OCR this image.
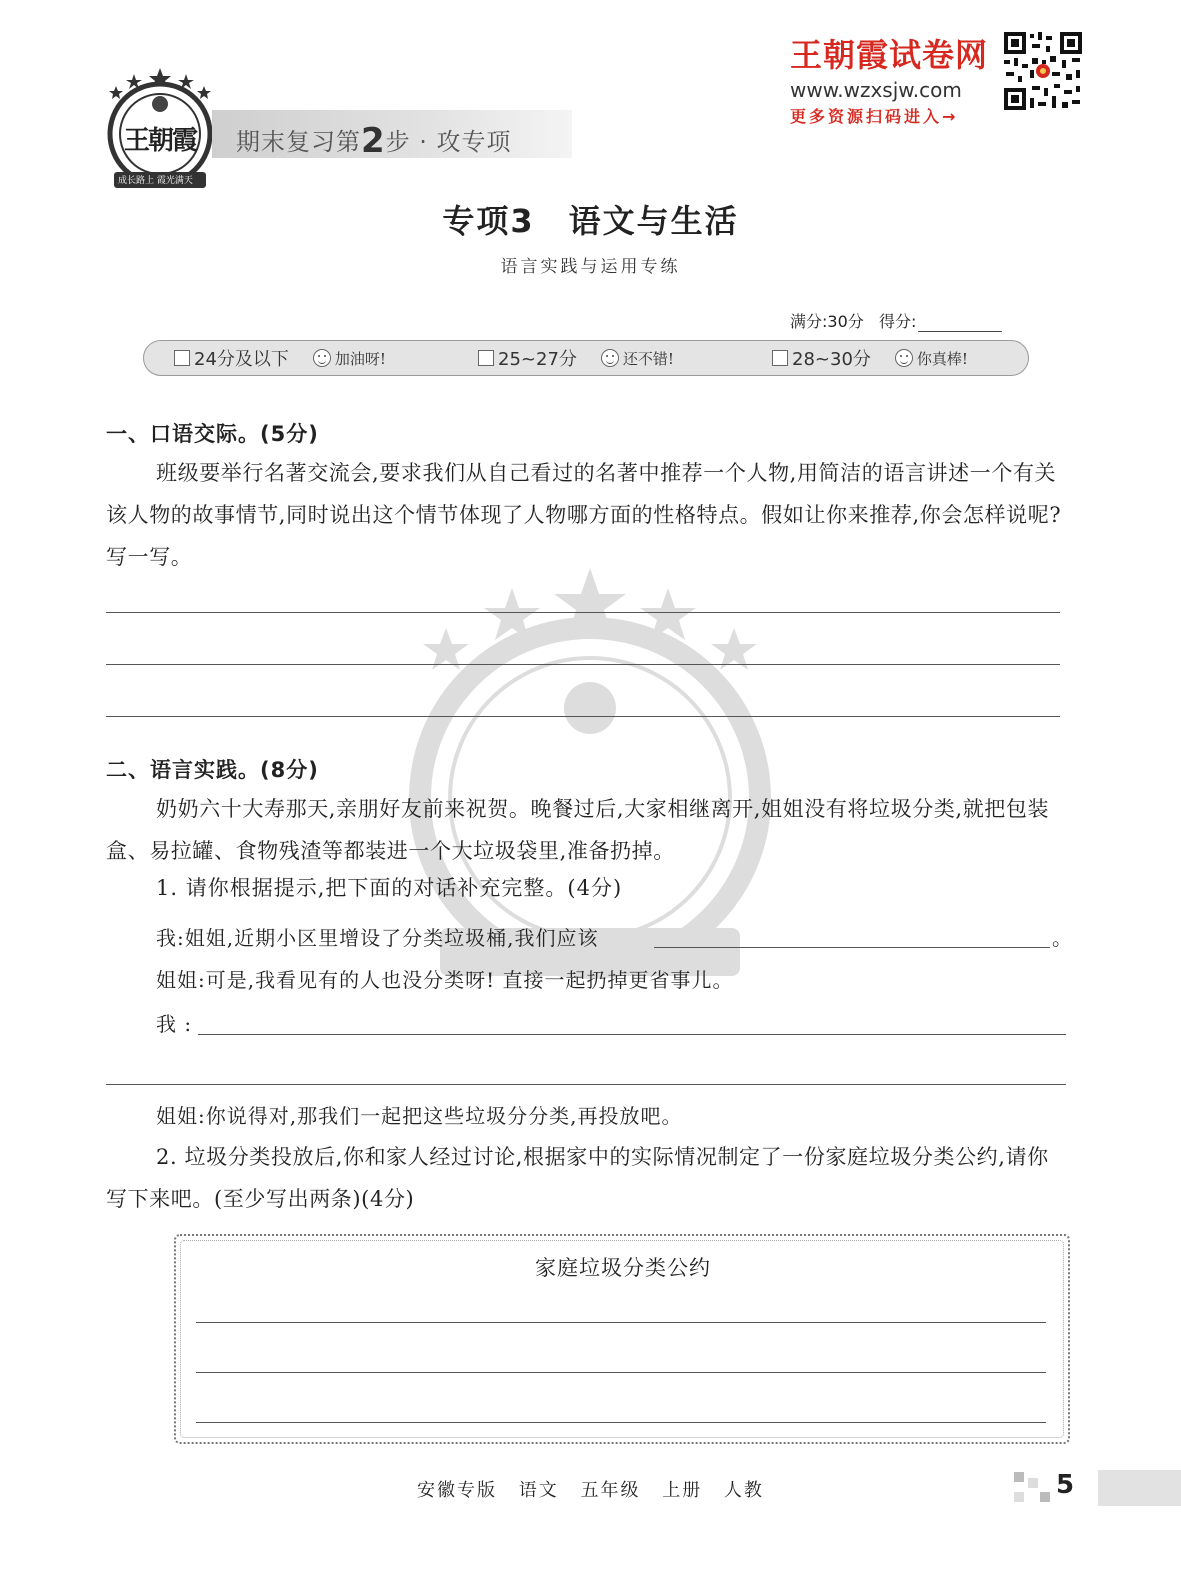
王朝霞
成长路上 霞光满天
期末复习第2步 · 攻专项
王朝霞试卷网
www.wzxsjw.com
更多资源扫码进入→
专项3　语文与生活
语言实践与运用专练
满分:30分 得分:
24分及以下	加油呀!	25~27分	还不错!	28~30分	你真棒!
一、口语交际。(5分)
班级要举行名著交流会,要求我们从自己看过的名著中推荐一个人物,用简洁的语言讲述一个有关该人物的故事情节,同时说出这个情节体现了人物哪方面的性格特点。假如让你来推荐,你会怎样说呢? 写一写。
二、语言实践。(8分)
奶奶六十大寿那天,亲朋好友前来祝贺。晚餐过后,大家相继离开,姐姐没有将垃圾分类,就把包装盒、易拉罐、食物残渣等都装进一个大垃圾袋里,准备扔掉。
1. 请你根据提示,把下面的对话补充完整。(4分)
我:姐姐,近期小区里增设了分类垃圾桶,我们应该	。
姐姐:可是,我看见有的人也没分类呀! 直接一起扔掉更省事儿。
我 :
姐姐:你说得对,那我们一起把这些垃圾分分类,再投放吧。
2. 垃圾分类投放后,你和家人经过讨论,根据家中的实际情况制定了一份家庭垃圾分类公约,请你写下来吧。(至少写出两条)(4分)
家庭垃圾分类公约
安徽专版 语文 五年级 上册 人教	5
